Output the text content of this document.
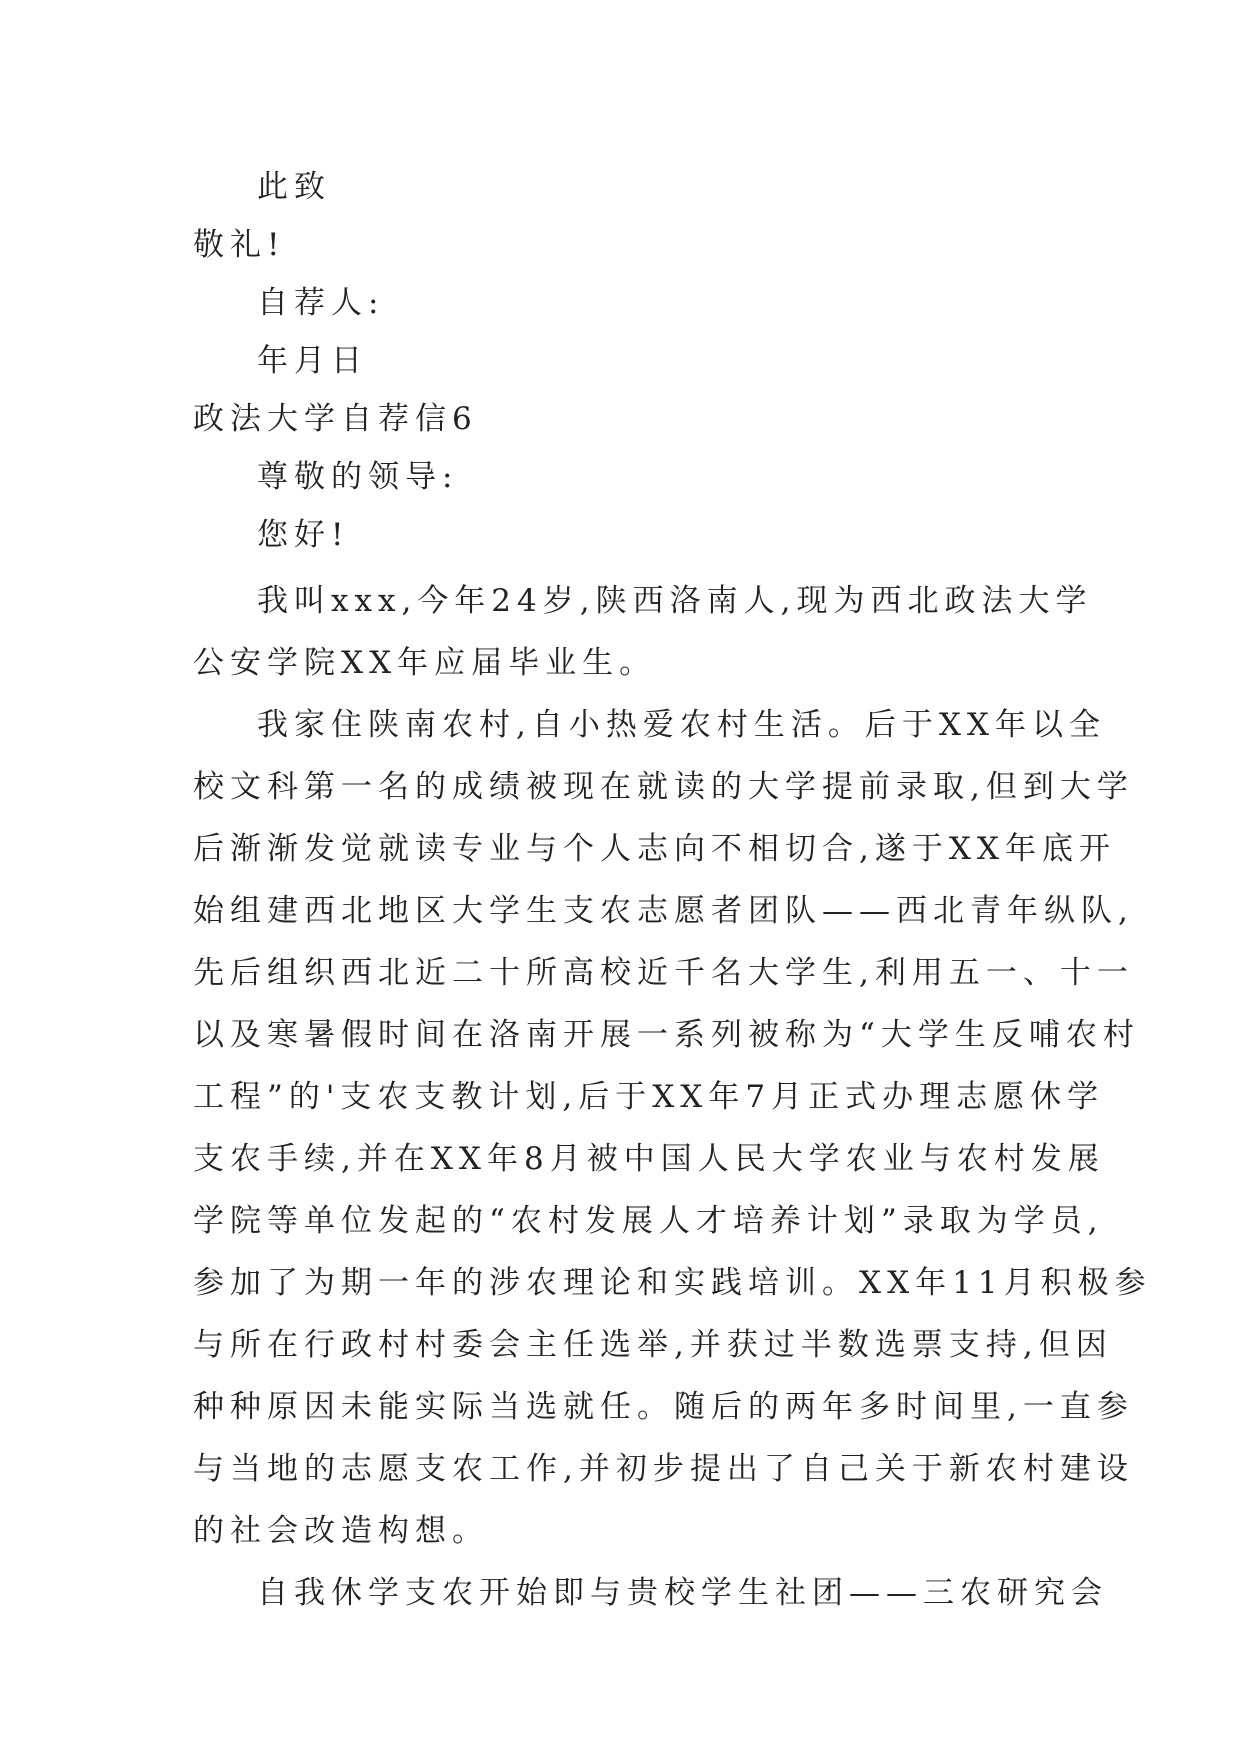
此致
敬礼!
自荐人:
年月日
政法大学自荐信6
尊敬的领导:
您好!
我叫xxx,今年24岁,陕西洛南人,现为西北政法大学
公安学院XX年应届毕业生。
我家住陕南农村,自小热爱农村生活。后于XX年以全
校文科第一名的成绩被现在就读的大学提前录取,但到大学
后渐渐发觉就读专业与个人志向不相切合,遂于XX年底开
始组建西北地区大学生支农志愿者团队——西北青年纵队,
先后组织西北近二十所高校近千名大学生,利用五一、十一
以及寒暑假时间在洛南开展一系列被称为“大学生反哺农村
工程”的'支农支教计划,后于XX年7月正式办理志愿休学
支农手续,并在XX年8月被中国人民大学农业与农村发展
学院等单位发起的“农村发展人才培养计划”录取为学员,
参加了为期一年的涉农理论和实践培训。XX年11月积极参
与所在行政村村委会主任选举,并获过半数选票支持,但因
种种原因未能实际当选就任。随后的两年多时间里,一直参
与当地的志愿支农工作,并初步提出了自己关于新农村建设
的社会改造构想。
自我休学支农开始即与贵校学生社团——三农研究会
